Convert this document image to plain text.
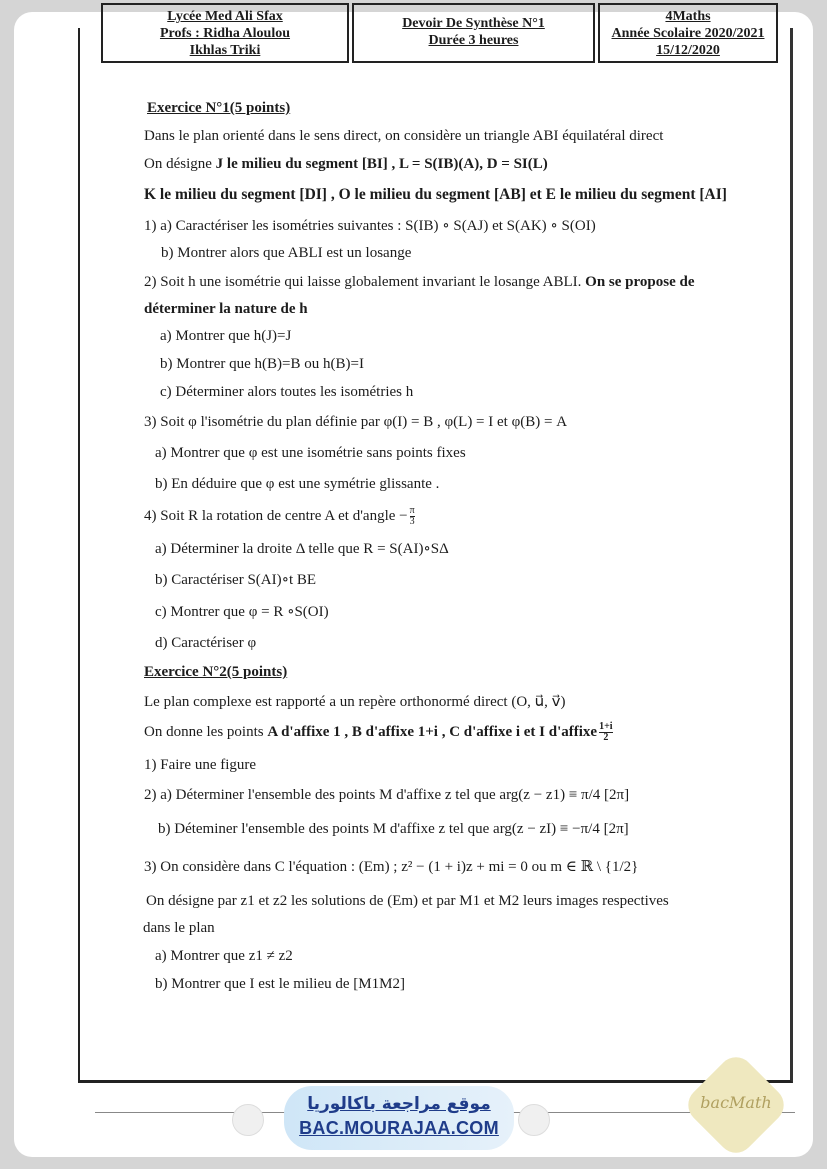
Lycée Med Ali Sfax
Profs : Ridha Aloulou
Ikhlas Triki
Devoir De Synthèse N°1
Durée 3 heures
4Maths
Année Scolaire 2020/2021
15/12/2020
Exercice N°1(5 points)
Dans le plan orienté dans le sens direct, on considère un triangle ABI équilatéral direct
On désigne J le milieu du segment [BI] , L = S(IB)(A), D = SI(L)
K le milieu du segment [DI] , O le milieu du segment [AB] et E le milieu du segment [AI]
1) a) Caractériser les isométries suivantes : S(IB) ∘ S(AJ) et S(AK) ∘ S(OI)
b) Montrer alors que ABLI est un losange
2) Soit h une isométrie qui laisse globalement invariant le losange ABLI. On se propose de
déterminer la nature de h
a) Montrer que h(J)=J
b) Montrer que h(B)=B ou h(B)=I
c) Déterminer alors toutes les isométries h
3) Soit φ l'isométrie du plan définie par φ(I) = B , φ(L) = I et φ(B) = A
a) Montrer que φ est une isométrie sans points fixes
b) En déduire que φ est une symétrie glissante .
4) Soit R la rotation de centre A et d'angle − $\frac{\pi}{3}$
a) Déterminer la droite Δ telle que R = S(AI)∘SΔ
b) Caractériser S(AI)∘t BE
c) Montrer que φ = R ∘S(OI)
d) Caractériser φ
Exercice N°2(5 points)
Le plan complexe est rapporté a un repère orthonormé direct (O, u⃗, v⃗)
On donne les points A d'affixe 1 , B d'affixe 1+i , C d'affixe i et I d'affixe $\frac{1+i}{2}$
1) Faire une figure
2) a) Déterminer l'ensemble des points M d'affixe z tel que arg(z − z1) ≡ π/4 [2π]
b) Déteminer l'ensemble des points M d'affixe z tel que arg(z − zI) ≡ −π/4 [2π]
3) On considère dans C l'équation : (Em) ; z² − (1 + i)z + mi = 0 ou m ∈ ℝ \ {1/2}
On désigne par z1 et z2 les solutions de (Em) et par M1 et M2 leurs images respectives
dans le plan
a) Montrer que z1 ≠ z2
b) Montrer que I est le milieu de [M1M2]
موقع مراجعة باكالوريا
BAC.MOURAJAA.COM
bacMath
